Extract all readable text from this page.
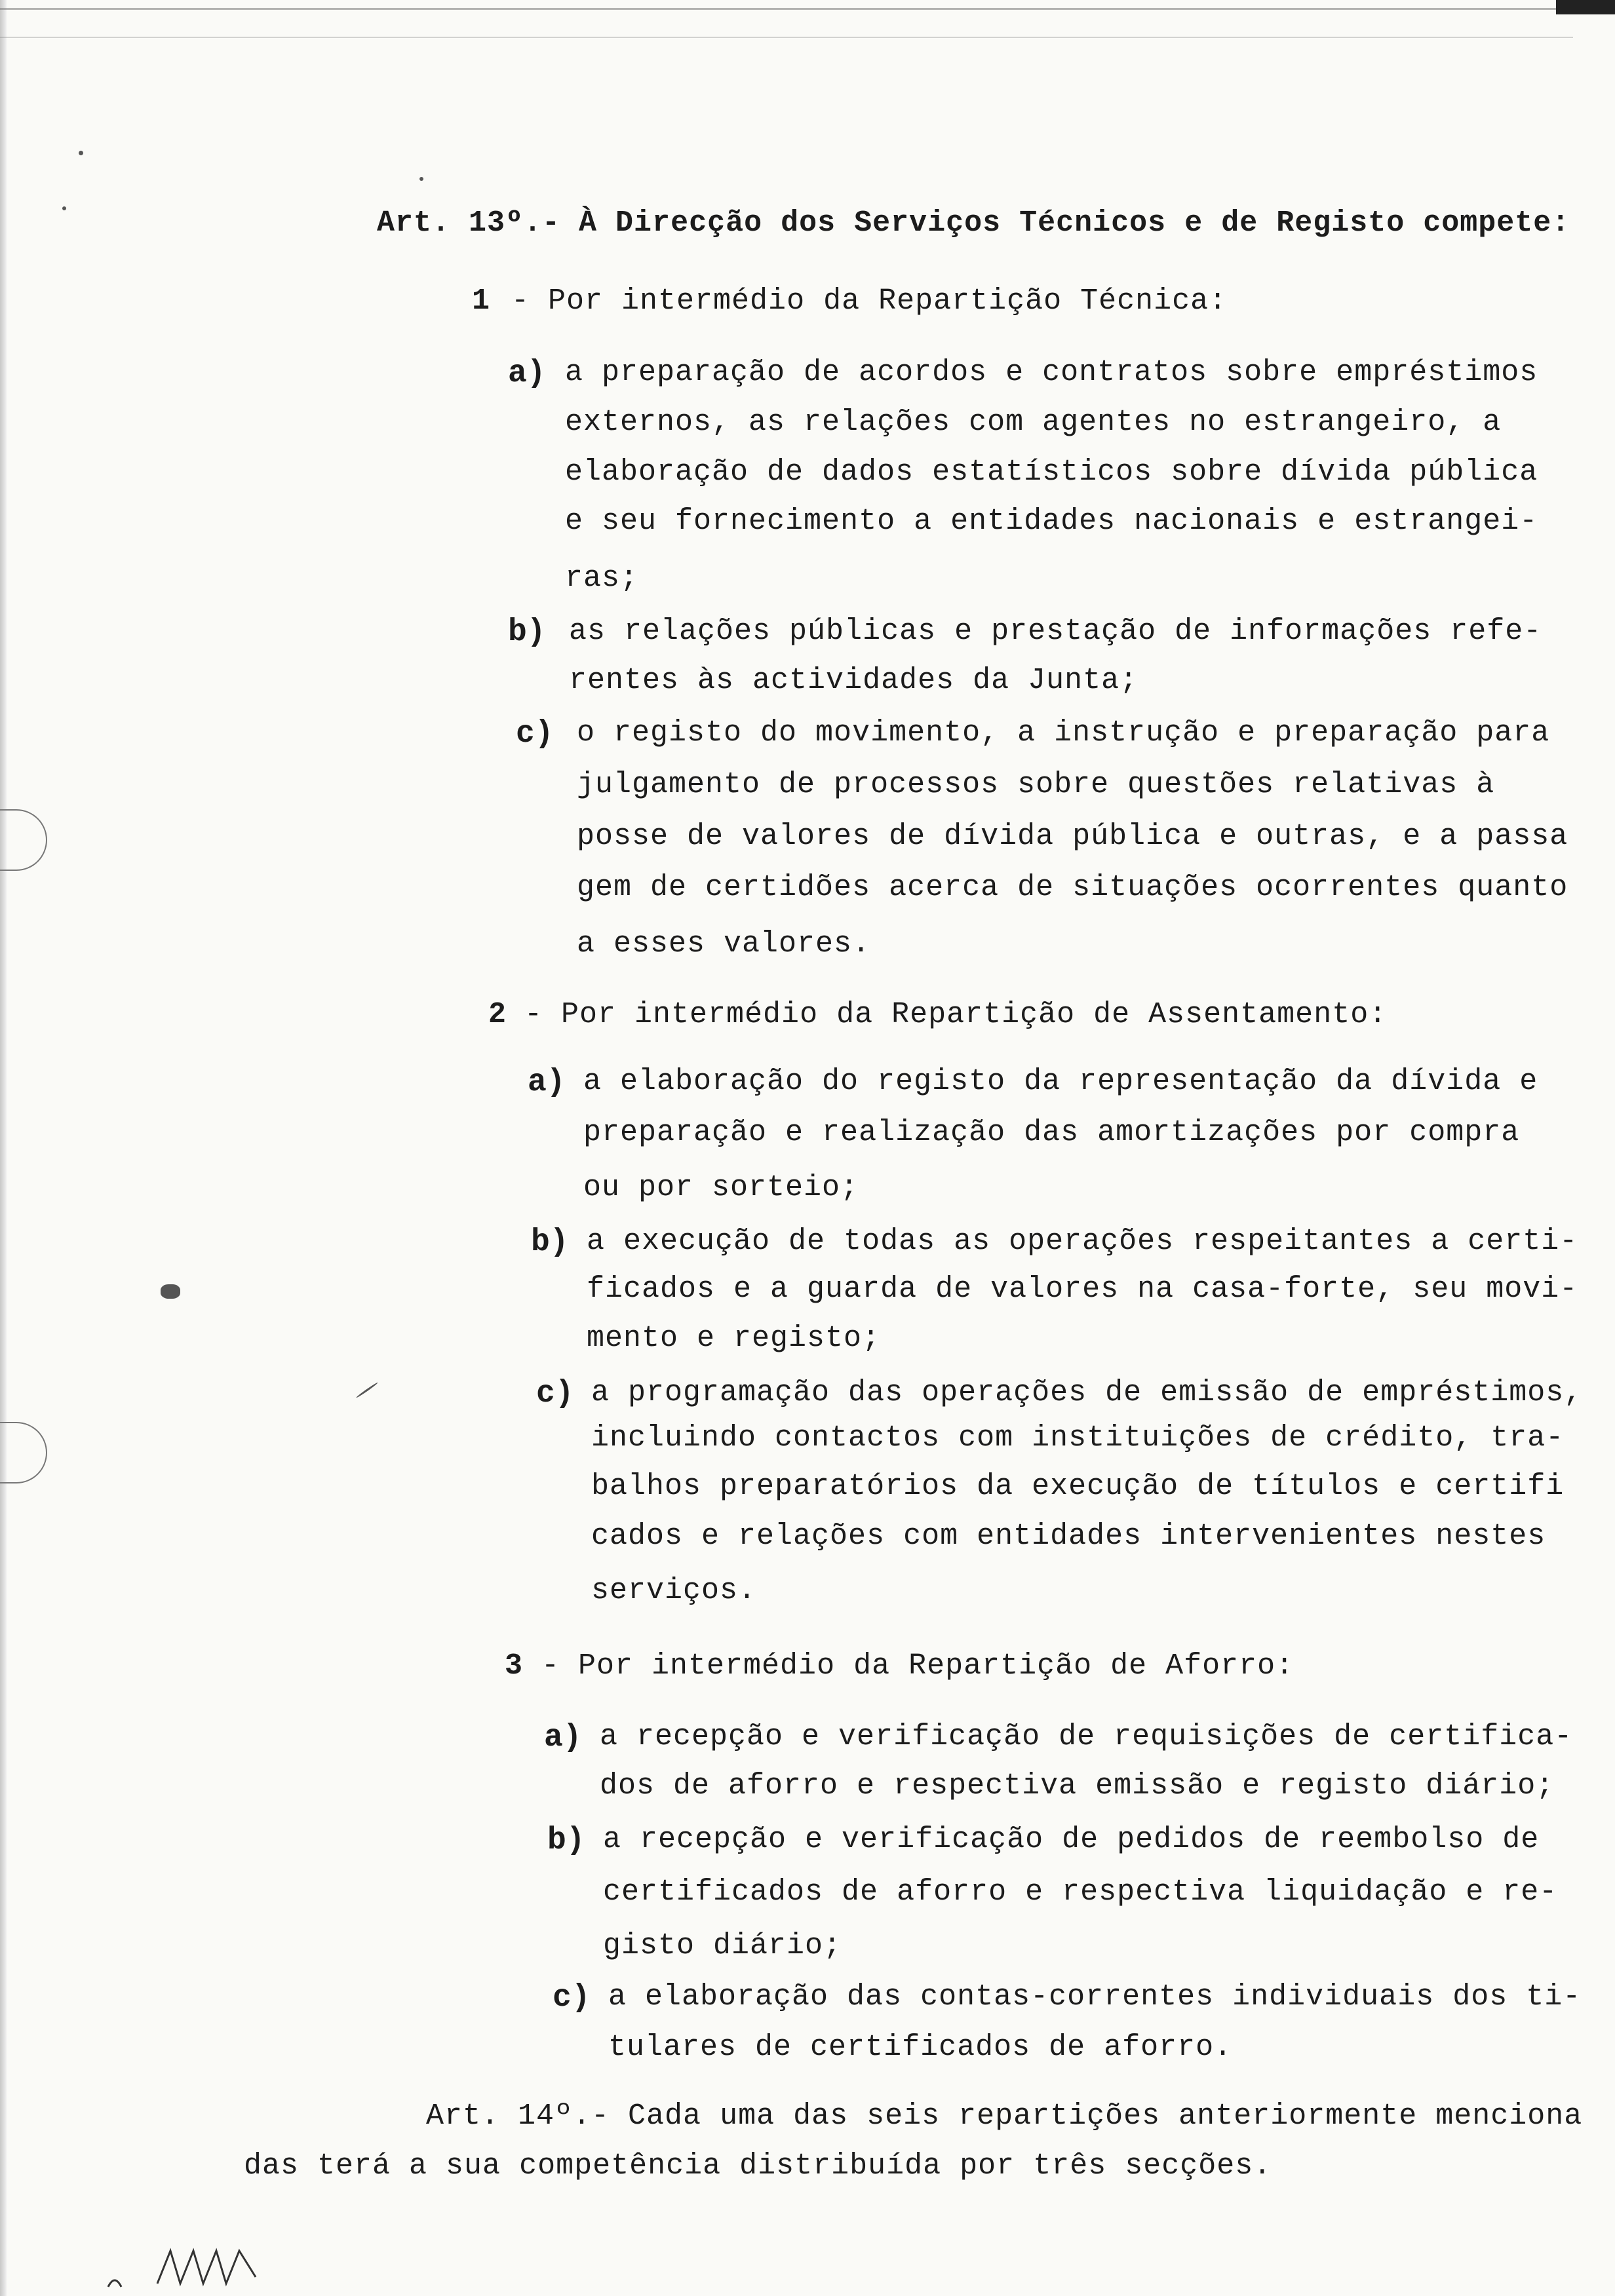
Art. 13º.- À Direcção dos Serviços Técnicos e de Registo compete:
1 - Por intermédio da Repartição Técnica:
a) a preparação de acordos e contratos sobre empréstimos
externos, as relações com agentes no estrangeiro, a
elaboração de dados estatísticos sobre dívida pública
e seu fornecimento a entidades nacionais e estrangei-
ras;
b) as relações públicas e prestação de informações refe-
rentes às actividades da Junta;
c) o registo do movimento, a instrução e preparação para
julgamento de processos sobre questões relativas à
posse de valores de dívida pública e outras, e a passa
gem de certidões acerca de situações ocorrentes quanto
a esses valores.
2 - Por intermédio da Repartição de Assentamento:
a) a elaboração do registo da representação da dívida e
preparação e realização das amortizações por compra
ou por sorteio;
b) a execução de todas as operações respeitantes a certi-
ficados e a guarda de valores na casa-forte, seu movi-
mento e registo;
c) a programação das operações de emissão de empréstimos,
incluindo contactos com instituições de crédito, tra-
balhos preparatórios da execução de títulos e certifi
cados e relações com entidades intervenientes nestes
serviços.
3 - Por intermédio da Repartição de Aforro:
a) a recepção e verificação de requisições de certifica-
dos de aforro e respectiva emissão e registo diário;
b) a recepção e verificação de pedidos de reembolso de
certificados de aforro e respectiva liquidação e re-
gisto diário;
c) a elaboração das contas-correntes individuais dos ti-
tulares de certificados de aforro.
Art. 14º.- Cada uma das seis repartições anteriormente menciona
das terá a sua competência distribuída por três secções.
